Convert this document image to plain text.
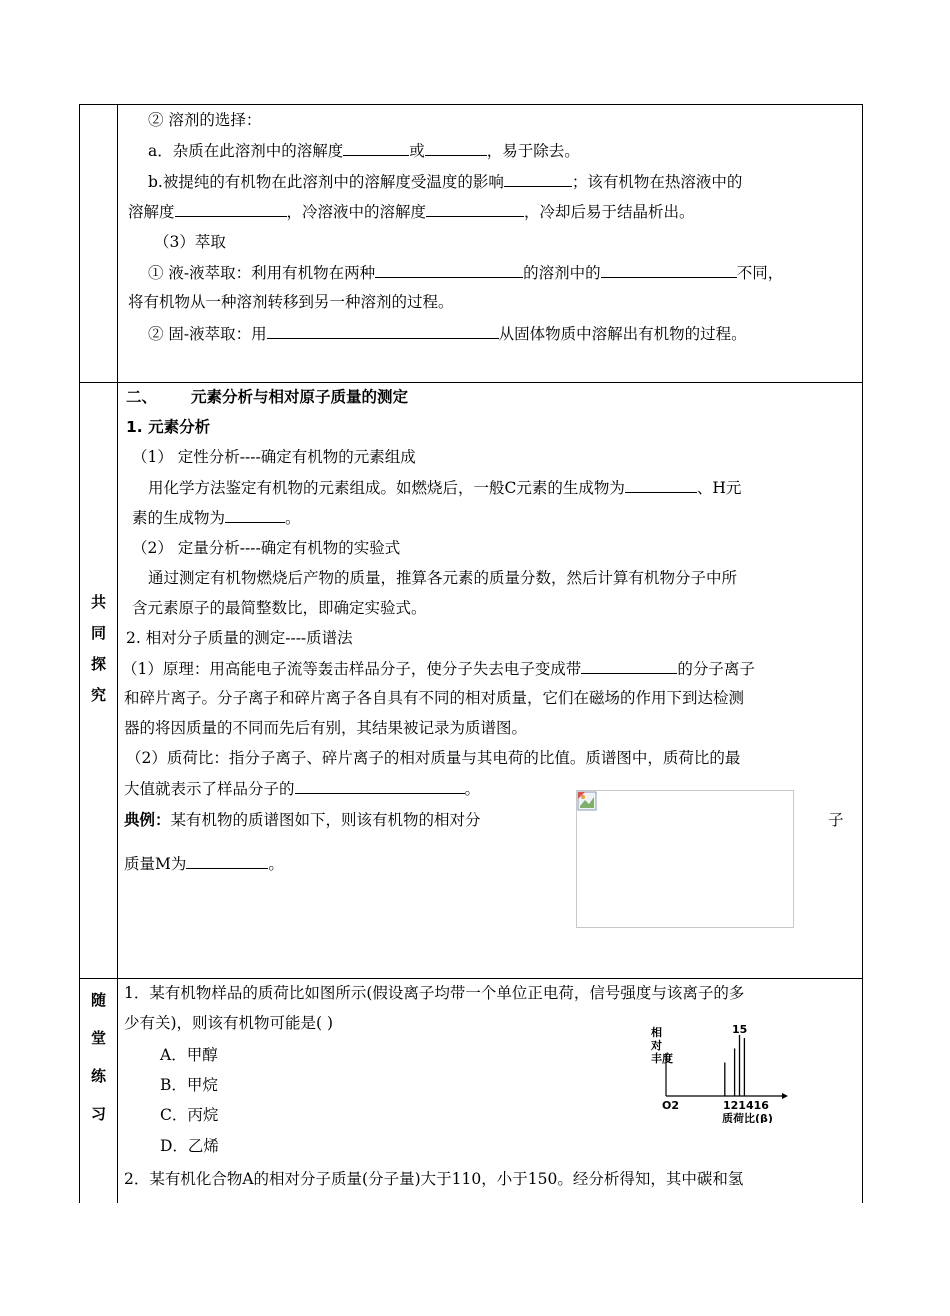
② 溶剂的选择：
a．杂质在此溶剂中的溶解度	或	，易于除去。
b.被提纯的有机物在此溶剂中的溶解度受温度的影响	；该有机物在热溶液中的
溶解度	，冷溶液中的溶解度	，冷却后易于结晶析出。
（3）萃取
① 液-液萃取：利用有机物在两种	的溶剂中的	不同，
将有机物从一种溶剂转移到另一种溶剂的过程。
② 固-液萃取：用	从固体物质中溶解出有机物的过程。
共
同
探
究
二、 元素分析与相对原子质量的测定
1. 元素分析
（1） 定性分析----确定有机物的元素组成
用化学方法鉴定有机物的元素组成。如燃烧后，一般C元素的生成物为	、H元
素的生成物为	。
（2） 定量分析----确定有机物的实验式
通过测定有机物燃烧后产物的质量，推算各元素的质量分数，然后计算有机物分子中所
含元素原子的最简整数比，即确定实验式。
2. 相对分子质量的测定----质谱法
（1）原理：用高能电子流等轰击样品分子，使分子失去电子变成带	的分子离子
和碎片离子。分子离子和碎片离子各自具有不同的相对质量，它们在磁场的作用下到达检测
器的将因质量的不同而先后有别，其结果被记录为质谱图。
（2）质荷比：指分子离子、碎片离子的相对质量与其电荷的比值。质谱图中，质荷比的最
大值就表示了样品分子的	。
典例：某有机物的质谱图如下，则该有机物的相对分	子
质量M为	。
随
堂
练
习
1．某有机物样品的质荷比如图所示(假设离子均带一个单位正电荷，信号强度与该离子的多
少有关)，则该有机物可能是( )
A．甲醇
B．甲烷
C．丙烷
D．乙烯
2．某有机化合物A的相对分子质量(分子量)大于110，小于150。经分析得知，其中碳和氢
相
对
丰度
O2	121416
15
质荷比(β)
